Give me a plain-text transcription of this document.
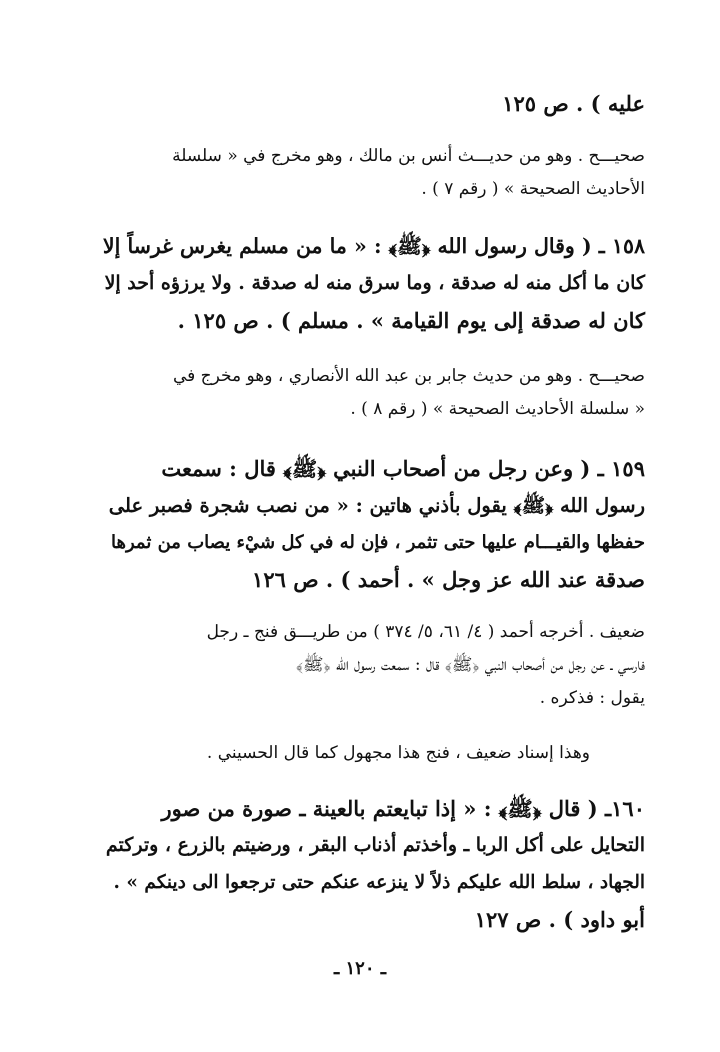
عليه ) . ص ١٢٥
صحيـــح . وهو من حديـــث أنس بن مالك ، وهو مخرج في « سلسلة
الأحاديث الصحيحة » ( رقم ٧ ) .
١٥٨ ـ ( وقال رسول الله ﴿ﷺ﴾ : « ما من مسلم يغرس غرساً إلا
كان ما أكل منه له صدقة ، وما سرق منه له صدقة . ولا يرزؤه أحد إلا
كان له صدقة إلى يوم القيامة » . مسلم ) . ص ١٢٥ .
صحيـــح . وهو من حديث جابر بن عبد الله الأنصاري ، وهو مخرج في
« سلسلة الأحاديث الصحيحة » ( رقم ٨ ) .
١٥٩ ـ ( وعن رجل من أصحاب النبي ﴿ﷺ﴾ قال : سمعت
رسول الله ﴿ﷺ﴾ يقول بأذني هاتين : « من نصب شجرة فصبر على
حفظها والقيـــام عليها حتى تثمر ، فإن له في كل شيْء يصاب من ثمرها
صدقة عند الله عز وجل » . أحمد ) . ص ١٢٦
ضعيف . أخرجه أحمد ( ٤/ ٦١، ٥/ ٣٧٤ ) من طريـــق فنج ـ رجل
فارسي ـ عن رجل من أصحاب النبي ﴿ﷺ﴾ قال : سمعت رسول الله ﴿ﷺ﴾
يقول : فذكره .
وهذا إسناد ضعيف ، فنج هذا مجهول كما قال الحسيني .
١٦٠ـ ( قال ﴿ﷺ﴾ : « إذا تبايعتم بالعينة ـ صورة من صور
التحايل على أكل الربا ـ وأخذتم أذناب البقر ، ورضيتم بالزرع ، وتركتم
الجهاد ، سلط الله عليكم ذلاً لا ينزعه عنكم حتى ترجعوا الى دينكم » .
أبو داود ) . ص ١٢٧
ـ ١٢٠ ـ
